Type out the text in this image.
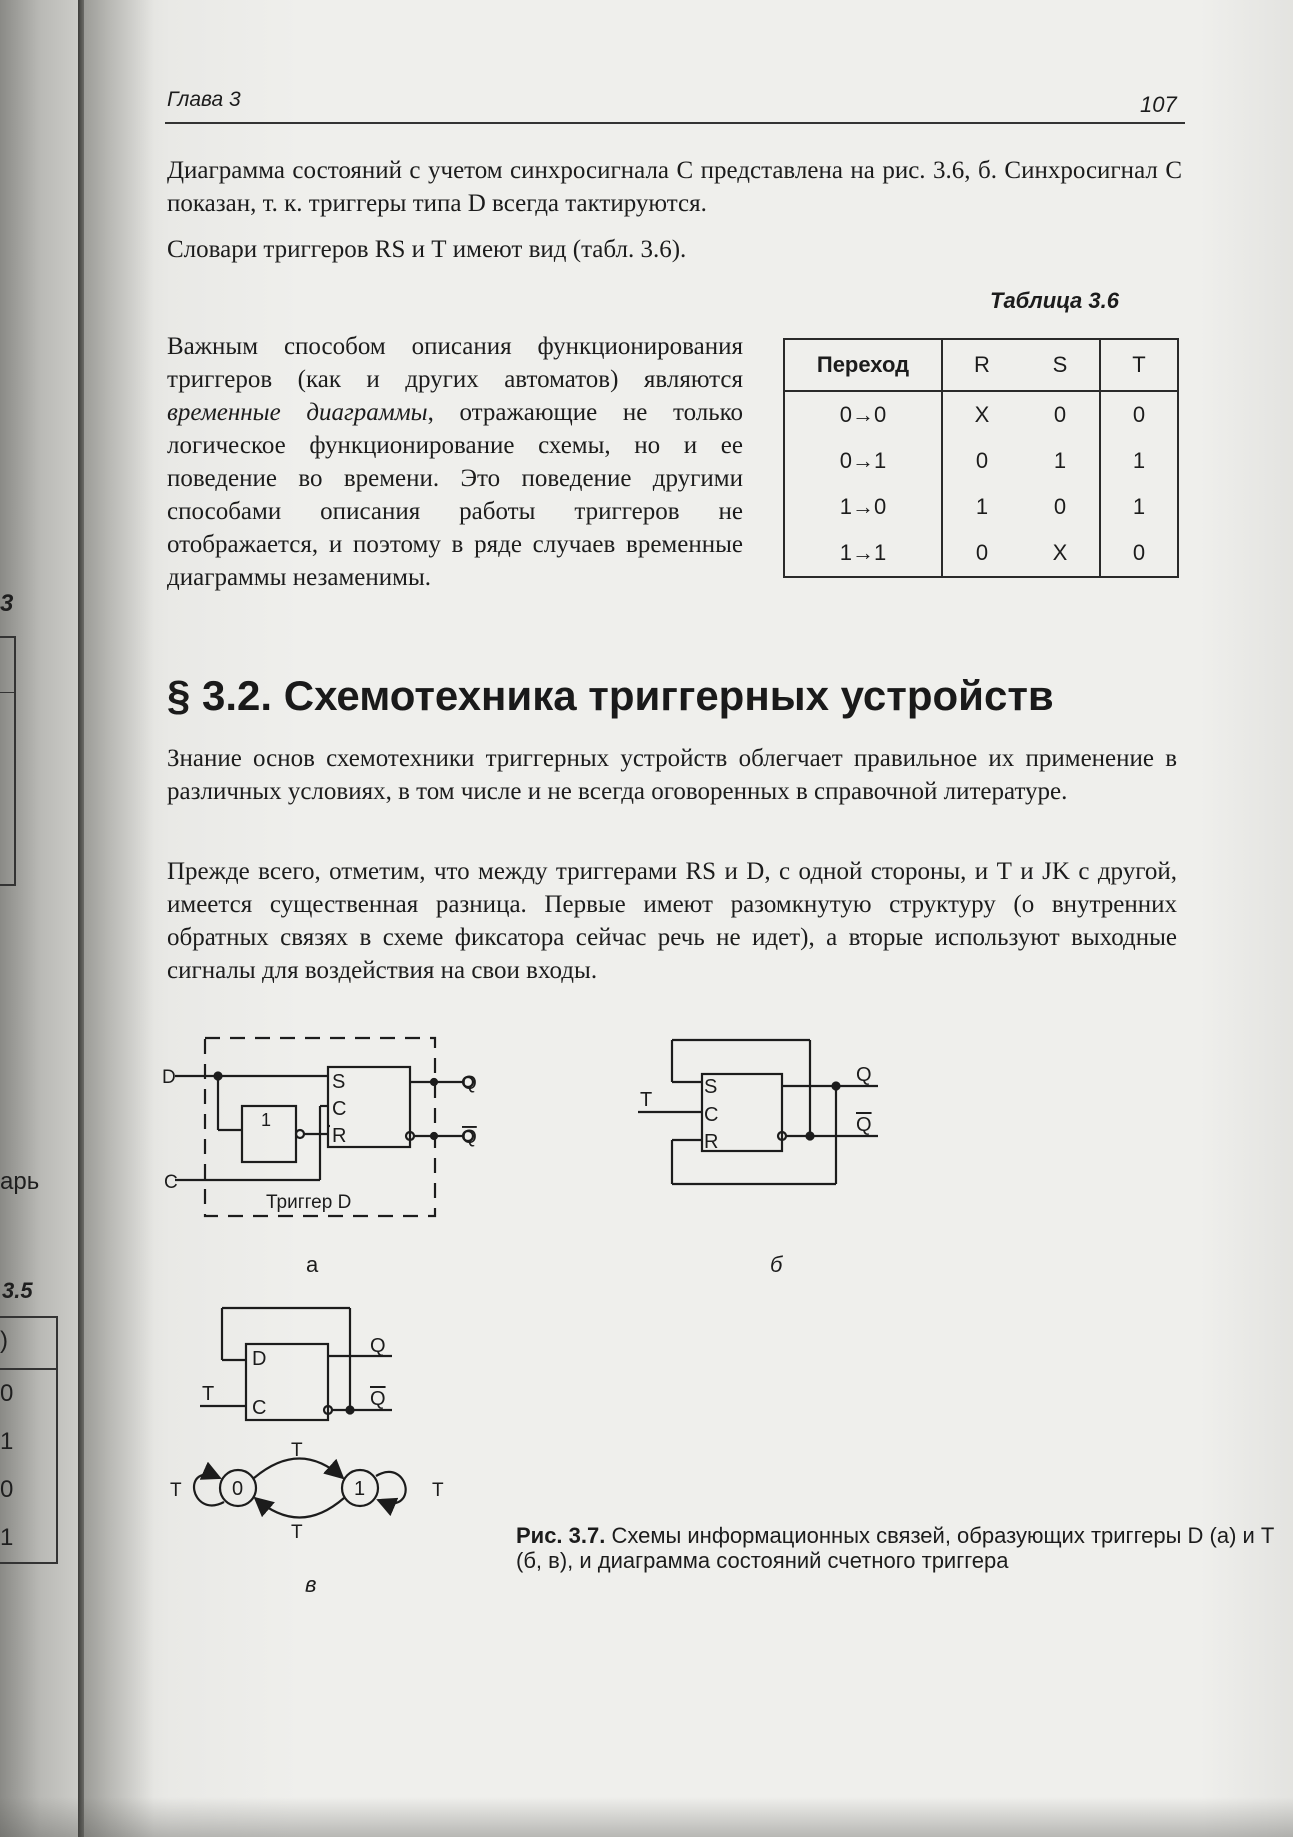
3
арь
3.5
)
0
1
0
1
Глава 3	107
Диаграмма состояний с учетом синхросигнала С представлена на рис. 3.6, б. Синхросигнал С показан, т. к. триггеры типа D всегда тактируются.
Словари триггеров RS и Т имеют вид (табл. 3.6).
Таблица 3.6
Важным способом описания функционирования триггеров (как и других автоматов) являются временные диаграммы, отражающие не только логическое функционирование схемы, но и ее поведение во времени. Это поведение другими способами описания работы триггеров не отображается, и поэтому в ряде случаев временные диаграммы незаменимы.
Переход	R	S	T
0→0	X	0	0
0→1	0	1	1
1→0	1	0	1
1→1	0	X	0
§ 3.2. Схемотехника триггерных устройств
Знание основ схемотехники триггерных устройств облегчает правильное их применение в различных условиях, в том числе и не всегда оговоренных в справочной литературе.
Прежде всего, отметим, что между триггерами RS и D, с одной стороны, и Т и JK с другой, имеется существенная разница. Первые имеют разомкнутую структуру (о внутренних обратных связях в схеме фиксатора сейчас речь не идет), а вторые используют выходные сигналы для воздействия на свои входы.
D
C
S
C
R
1
Триггер D
Q
Q
а
T
S
C
R
Q
Q
б
D
C
T
Q
Q
0	1
T
T
T	T
в
Рис. 3.7. Схемы информационных связей, образующих триггеры D (а) и Т (б, в), и диаграмма состояний счетного триггера
